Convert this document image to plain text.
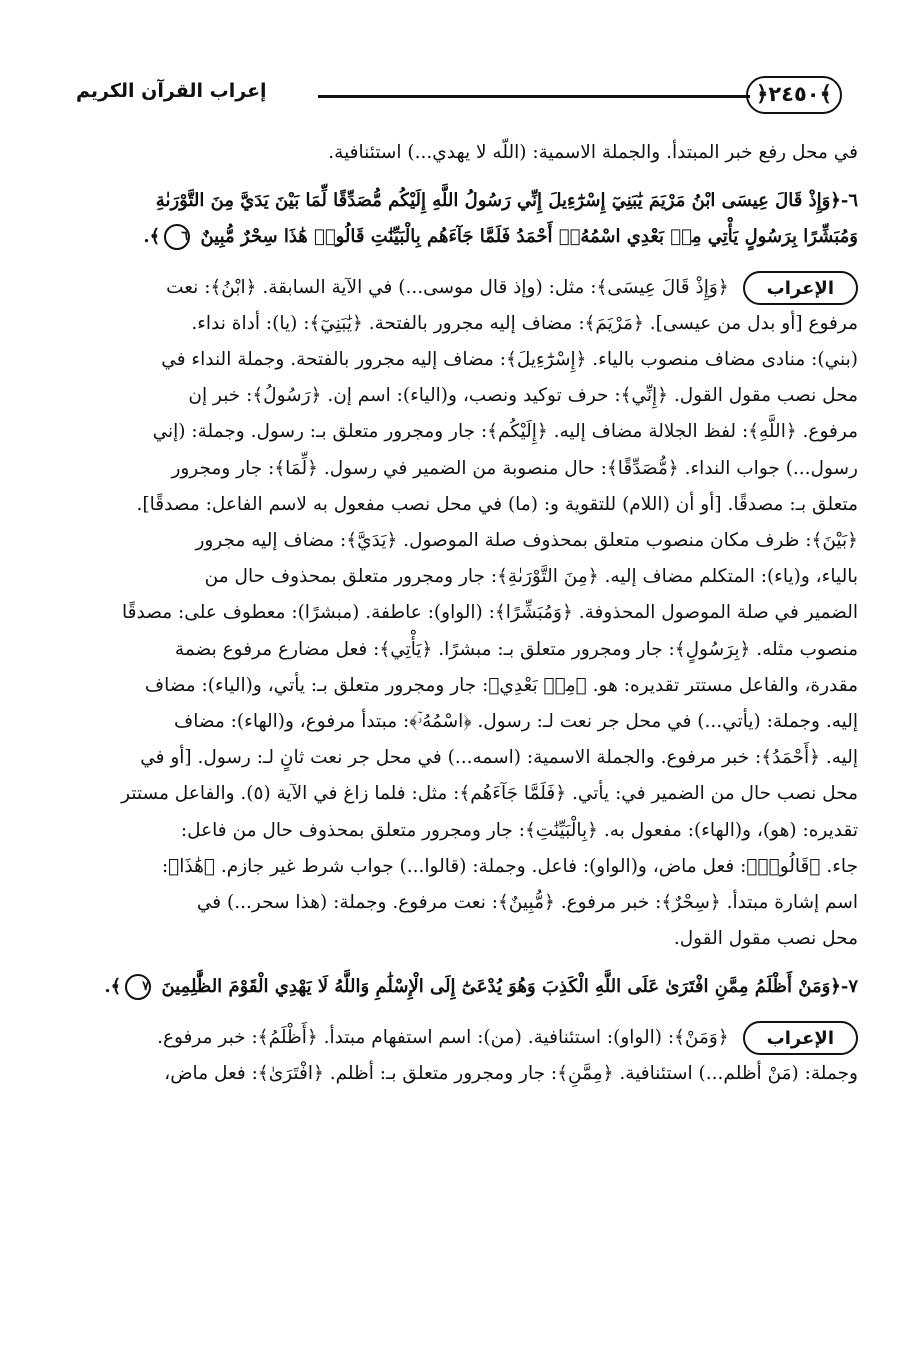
إعراب القرآن الكريم	﴿٢٤٥٠﴾

في محل رفع خبر المبتدأ. والجملة الاسمية: (اللّه لا يهدي...) استئنافية.

٦-﴿وَإِذْ قَالَ عِيسَى ابْنُ مَرْيَمَ يَٰبَنِيٓ إِسْرَٰٓءِيلَ إِنِّي رَسُولُ اللَّهِ إِلَيْكُم مُّصَدِّقًا لِّمَا بَيْنَ يَدَيَّ مِنَ التَّوْرَىٰةِ
وَمُبَشِّرًا بِرَسُولٍ يَأْتِي مِنۢ بَعْدِي اسْمُهُۥٓ أَحْمَدُ فَلَمَّا جَآءَهُم بِالْبَيِّنَٰتِ قَالُوا۟ هَٰذَا سِحْرٌ مُّبِينٌ ٦﴾.

الإعراب﴿وَإِذْ قَالَ عِيسَى﴾: مثل: (وإذ قال موسى...) في الآية السابقة. ﴿ابْنُ﴾: نعت

مرفوع [أو بدل من عيسى]. ﴿مَرْيَمَ﴾: مضاف إليه مجرور بالفتحة. ﴿يَٰبَنِيٓ﴾: (يا): أداة نداء.

(بني): منادى مضاف منصوب بالياء. ﴿إِسْرَٰٓءِيلَ﴾: مضاف إليه مجرور بالفتحة. وجملة النداء في

محل نصب مقول القول. ﴿إِنِّي﴾: حرف توكيد ونصب، و(الياء): اسم إن. ﴿رَسُولُ﴾: خبر إن

مرفوع. ﴿اللَّهِ﴾: لفظ الجلالة مضاف إليه. ﴿إِلَيْكُم﴾: جار ومجرور متعلق بـ: رسول. وجملة: (إني

رسول...) جواب النداء. ﴿مُّصَدِّقًا﴾: حال منصوبة من الضمير في رسول. ﴿لِّمَا﴾: جار ومجرور

متعلق بـ: مصدقًا. [أو أن (اللام) للتقوية و: (ما) في محل نصب مفعول به لاسم الفاعل: مصدقًا].

﴿بَيْنَ﴾: ظرف مكان منصوب متعلق بمحذوف صلة الموصول. ﴿يَدَيَّ﴾: مضاف إليه مجرور

بالياء، و(ياء): المتكلم مضاف إليه. ﴿مِنَ التَّوْرَىٰةِ﴾: جار ومجرور متعلق بمحذوف حال من

الضمير في صلة الموصول المحذوفة. ﴿وَمُبَشِّرًا﴾: (الواو): عاطفة. (مبشرًا): معطوف على: مصدقًا

منصوب مثله. ﴿بِرَسُولٍ﴾: جار ومجرور متعلق بـ: مبشرًا. ﴿يَأْتِي﴾: فعل مضارع مرفوع بضمة

مقدرة، والفاعل مستتر تقديره: هو. ﴿مِنۢ بَعْدِي﴾: جار ومجرور متعلق بـ: يأتي، و(الياء): مضاف

إليه. وجملة: (يأتي...) في محل جر نعت لـ: رسول. ﴿اسْمُهُۥٓ﴾: مبتدأ مرفوع، و(الهاء): مضاف

إليه. ﴿أَحْمَدُ﴾: خبر مرفوع. والجملة الاسمية: (اسمه...) في محل جر نعت ثانٍ لـ: رسول. [أو في

محل نصب حال من الضمير في: يأتي. ﴿فَلَمَّا جَآءَهُم﴾: مثل: فلما زاغ في الآية (٥). والفاعل مستتر

تقديره: (هو)، و(الهاء): مفعول به. ﴿بِالْبَيِّنَٰتِ﴾: جار ومجرور متعلق بمحذوف حال من فاعل:

جاء. ﴿قَالُوا۟﴾: فعل ماض، و(الواو): فاعل. وجملة: (قالوا...) جواب شرط غير جازم. ﴿هَٰذَا﴾:

اسم إشارة مبتدأ. ﴿سِحْرٌ﴾: خبر مرفوع. ﴿مُّبِينٌ﴾: نعت مرفوع. وجملة: (هذا سحر...) في

محل نصب مقول القول.

٧-﴿وَمَنْ أَظْلَمُ مِمَّنِ افْتَرَىٰ عَلَى اللَّهِ الْكَذِبَ وَهُوَ يُدْعَىٰٓ إِلَى الْإِسْلَٰمِ وَاللَّهُ لَا يَهْدِي الْقَوْمَ الظَّٰلِمِينَ ٧﴾.

الإعراب﴿وَمَنْ﴾: (الواو): استئنافية. (من): اسم استفهام مبتدأ. ﴿أَظْلَمُ﴾: خبر مرفوع.

وجملة: (مَنْ أظلم...) استئنافية. ﴿مِمَّنِ﴾: جار ومجرور متعلق بـ: أظلم. ﴿افْتَرَىٰ﴾: فعل ماض،
